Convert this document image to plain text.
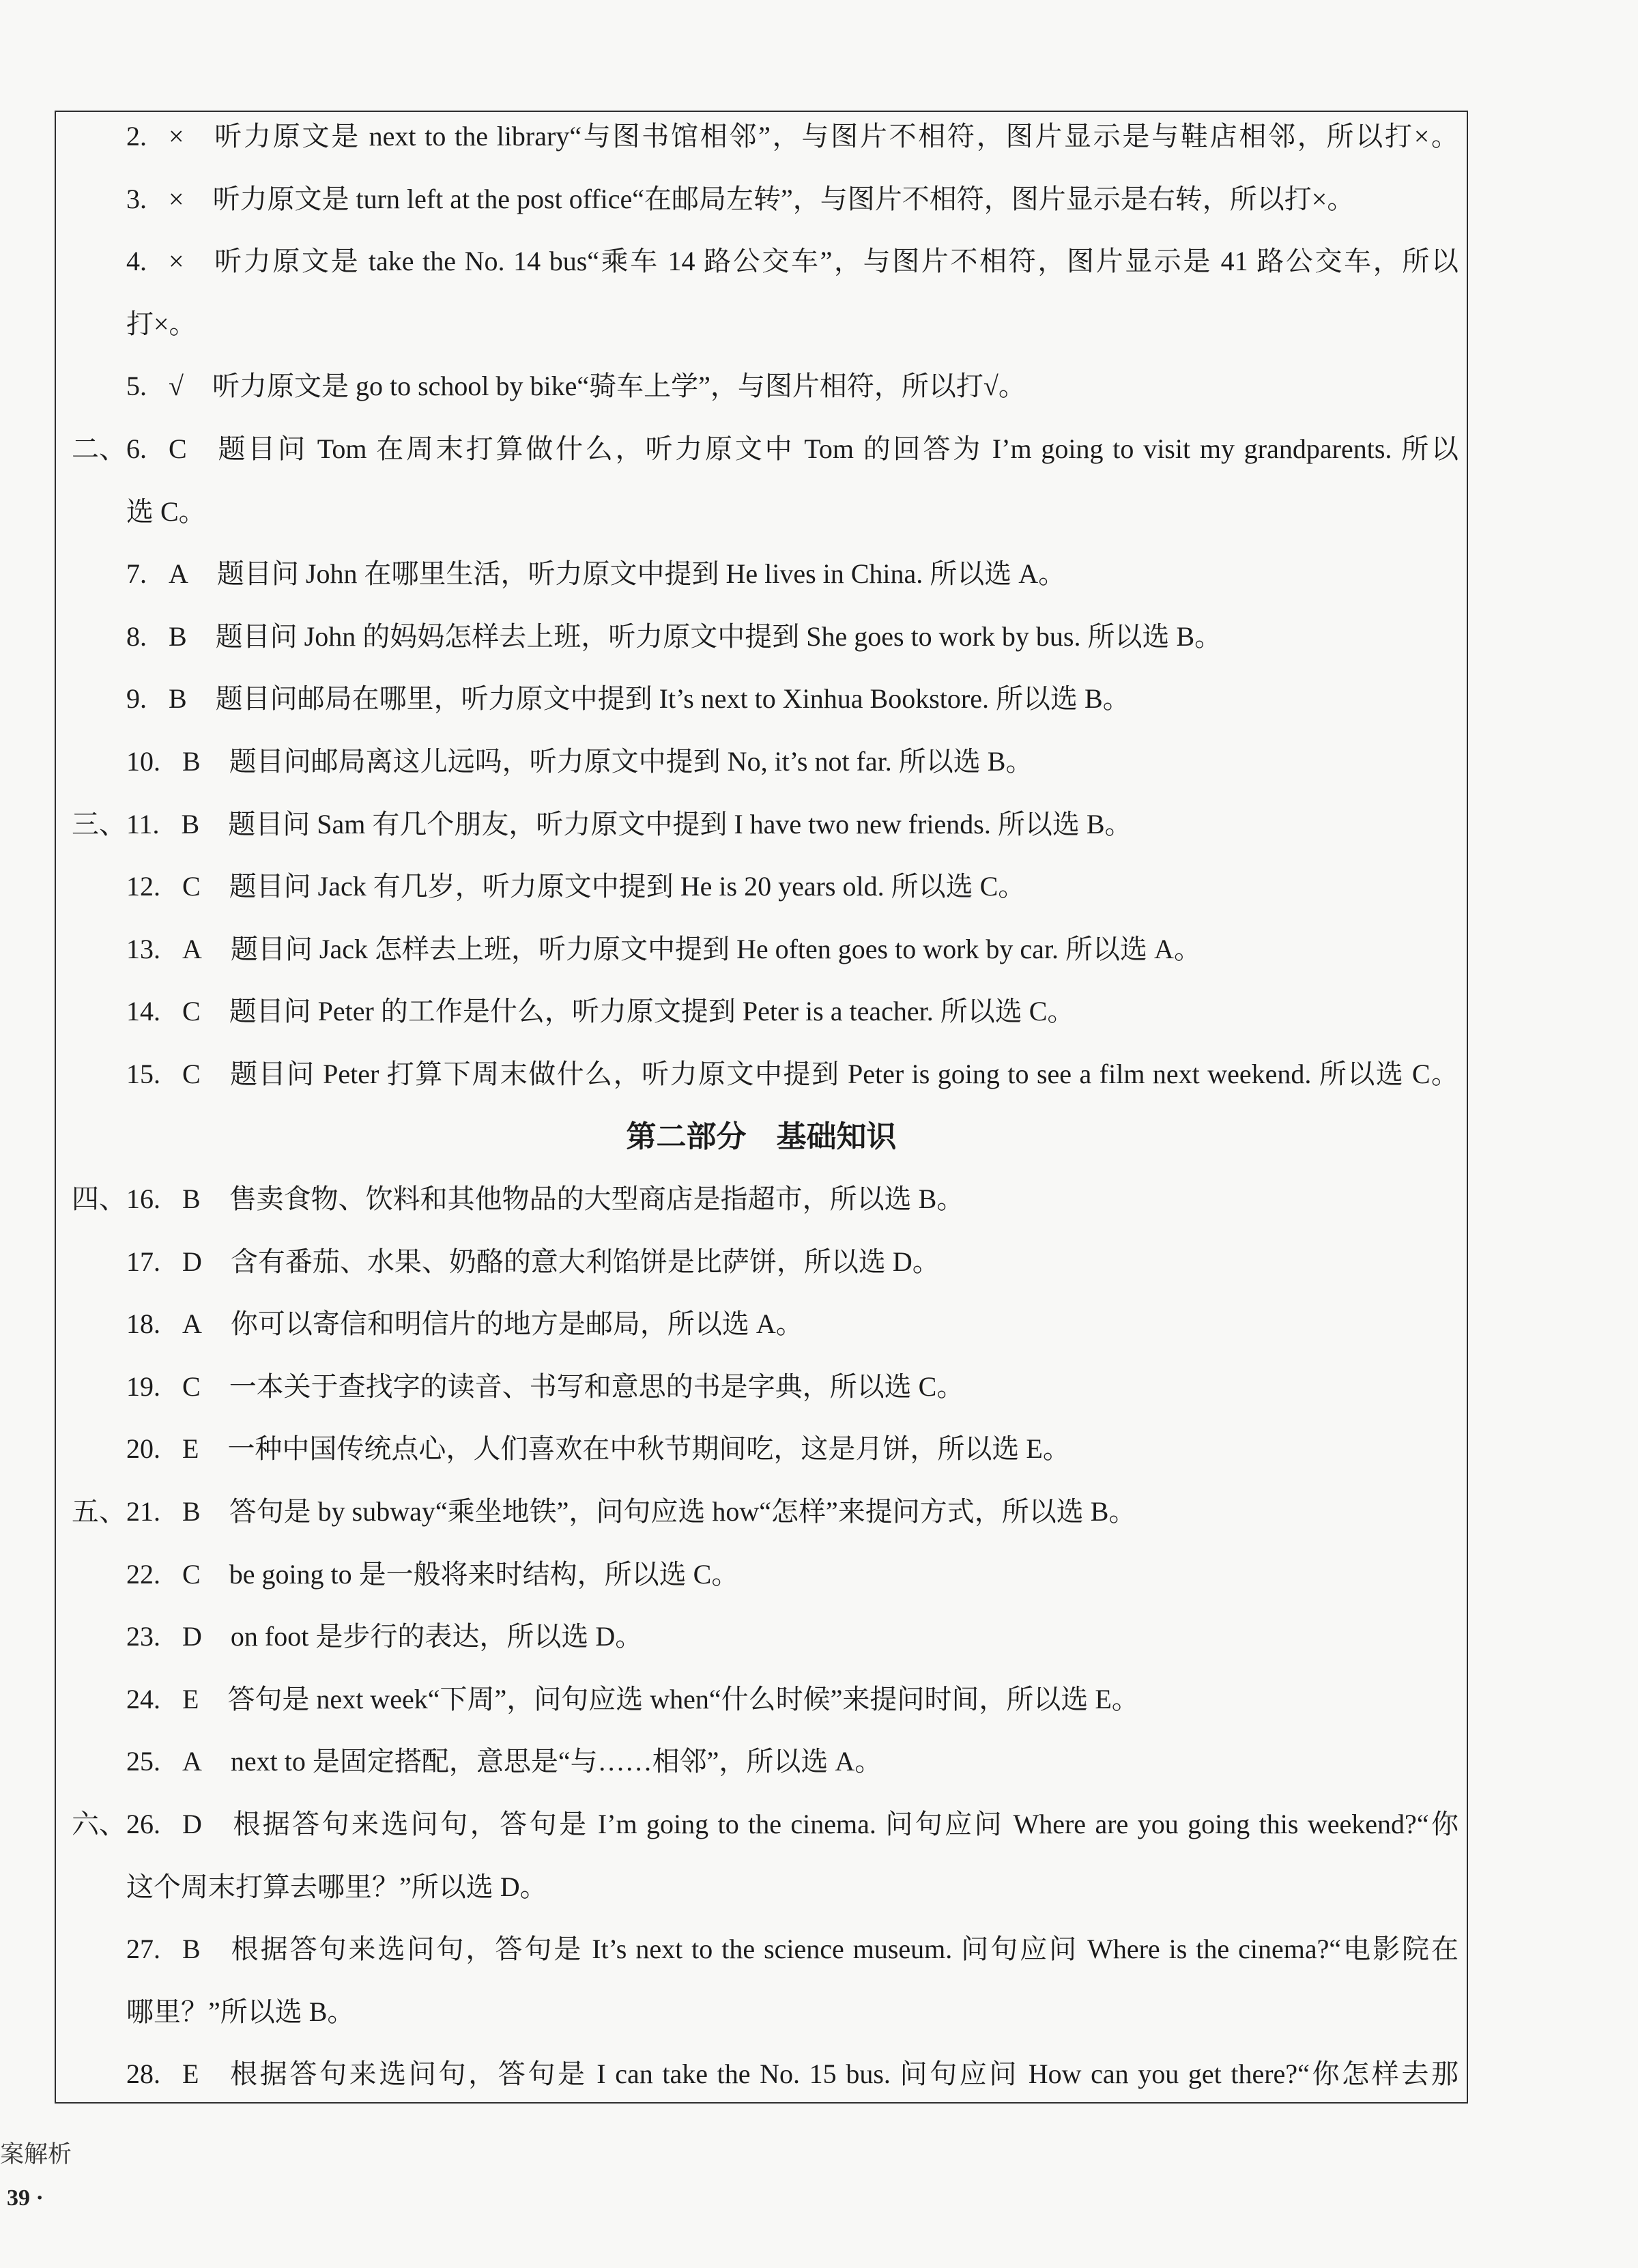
2. × 听力原文是 next to the library“与图书馆相邻”，与图片不相符，图片显示是与鞋店相邻，所以打×。
3. × 听力原文是 turn left at the post office“在邮局左转”，与图片不相符，图片显示是右转，所以打×。
4. × 听力原文是 take the No. 14 bus“乘车 14 路公交车”，与图片不相符，图片显示是 41 路公交车，所以
打×。
5. √ 听力原文是 go to school by bike“骑车上学”，与图片相符，所以打√。
二、 6. C 题目问 Tom 在周末打算做什么，听力原文中 Tom 的回答为 I’m going to visit my grandparents. 所以
选 C。
7. A 题目问 John 在哪里生活，听力原文中提到 He lives in China. 所以选 A。
8. B 题目问 John 的妈妈怎样去上班，听力原文中提到 She goes to work by bus. 所以选 B。
9. B 题目问邮局在哪里，听力原文中提到 It’s next to Xinhua Bookstore. 所以选 B。
10. B 题目问邮局离这儿远吗，听力原文中提到 No, it’s not far. 所以选 B。
三、 11. B 题目问 Sam 有几个朋友，听力原文中提到 I have two new friends. 所以选 B。
12. C 题目问 Jack 有几岁，听力原文中提到 He is 20 years old. 所以选 C。
13. A 题目问 Jack 怎样去上班，听力原文中提到 He often goes to work by car. 所以选 A。
14. C 题目问 Peter 的工作是什么，听力原文提到 Peter is a teacher. 所以选 C。
15. C 题目问 Peter 打算下周末做什么，听力原文中提到 Peter is going to see a film next weekend. 所以选 C。
第二部分　基础知识
四、 16. B 售卖食物、饮料和其他物品的大型商店是指超市，所以选 B。
17. D 含有番茄、水果、奶酪的意大利馅饼是比萨饼，所以选 D。
18. A 你可以寄信和明信片的地方是邮局，所以选 A。
19. C 一本关于查找字的读音、书写和意思的书是字典，所以选 C。
20. E 一种中国传统点心，人们喜欢在中秋节期间吃，这是月饼，所以选 E。
五、 21. B 答句是 by subway“乘坐地铁”，问句应选 how“怎样”来提问方式，所以选 B。
22. C be going to 是一般将来时结构，所以选 C。
23. D on foot 是步行的表达，所以选 D。
24. E 答句是 next week“下周”，问句应选 when“什么时候”来提问时间，所以选 E。
25. A next to 是固定搭配，意思是“与……相邻”，所以选 A。
六、 26. D 根据答句来选问句，答句是 I’m going to the cinema. 问句应问 Where are you going this weekend?“你
这个周末打算去哪里？”所以选 D。
27. B 根据答句来选问句，答句是 It’s next to the science museum. 问句应问 Where is the cinema?“电影院在
哪里？”所以选 B。
28. E 根据答句来选问句，答句是 I can take the No. 15 bus. 问句应问 How can you get there?“你怎样去那
案解析
39 ·
